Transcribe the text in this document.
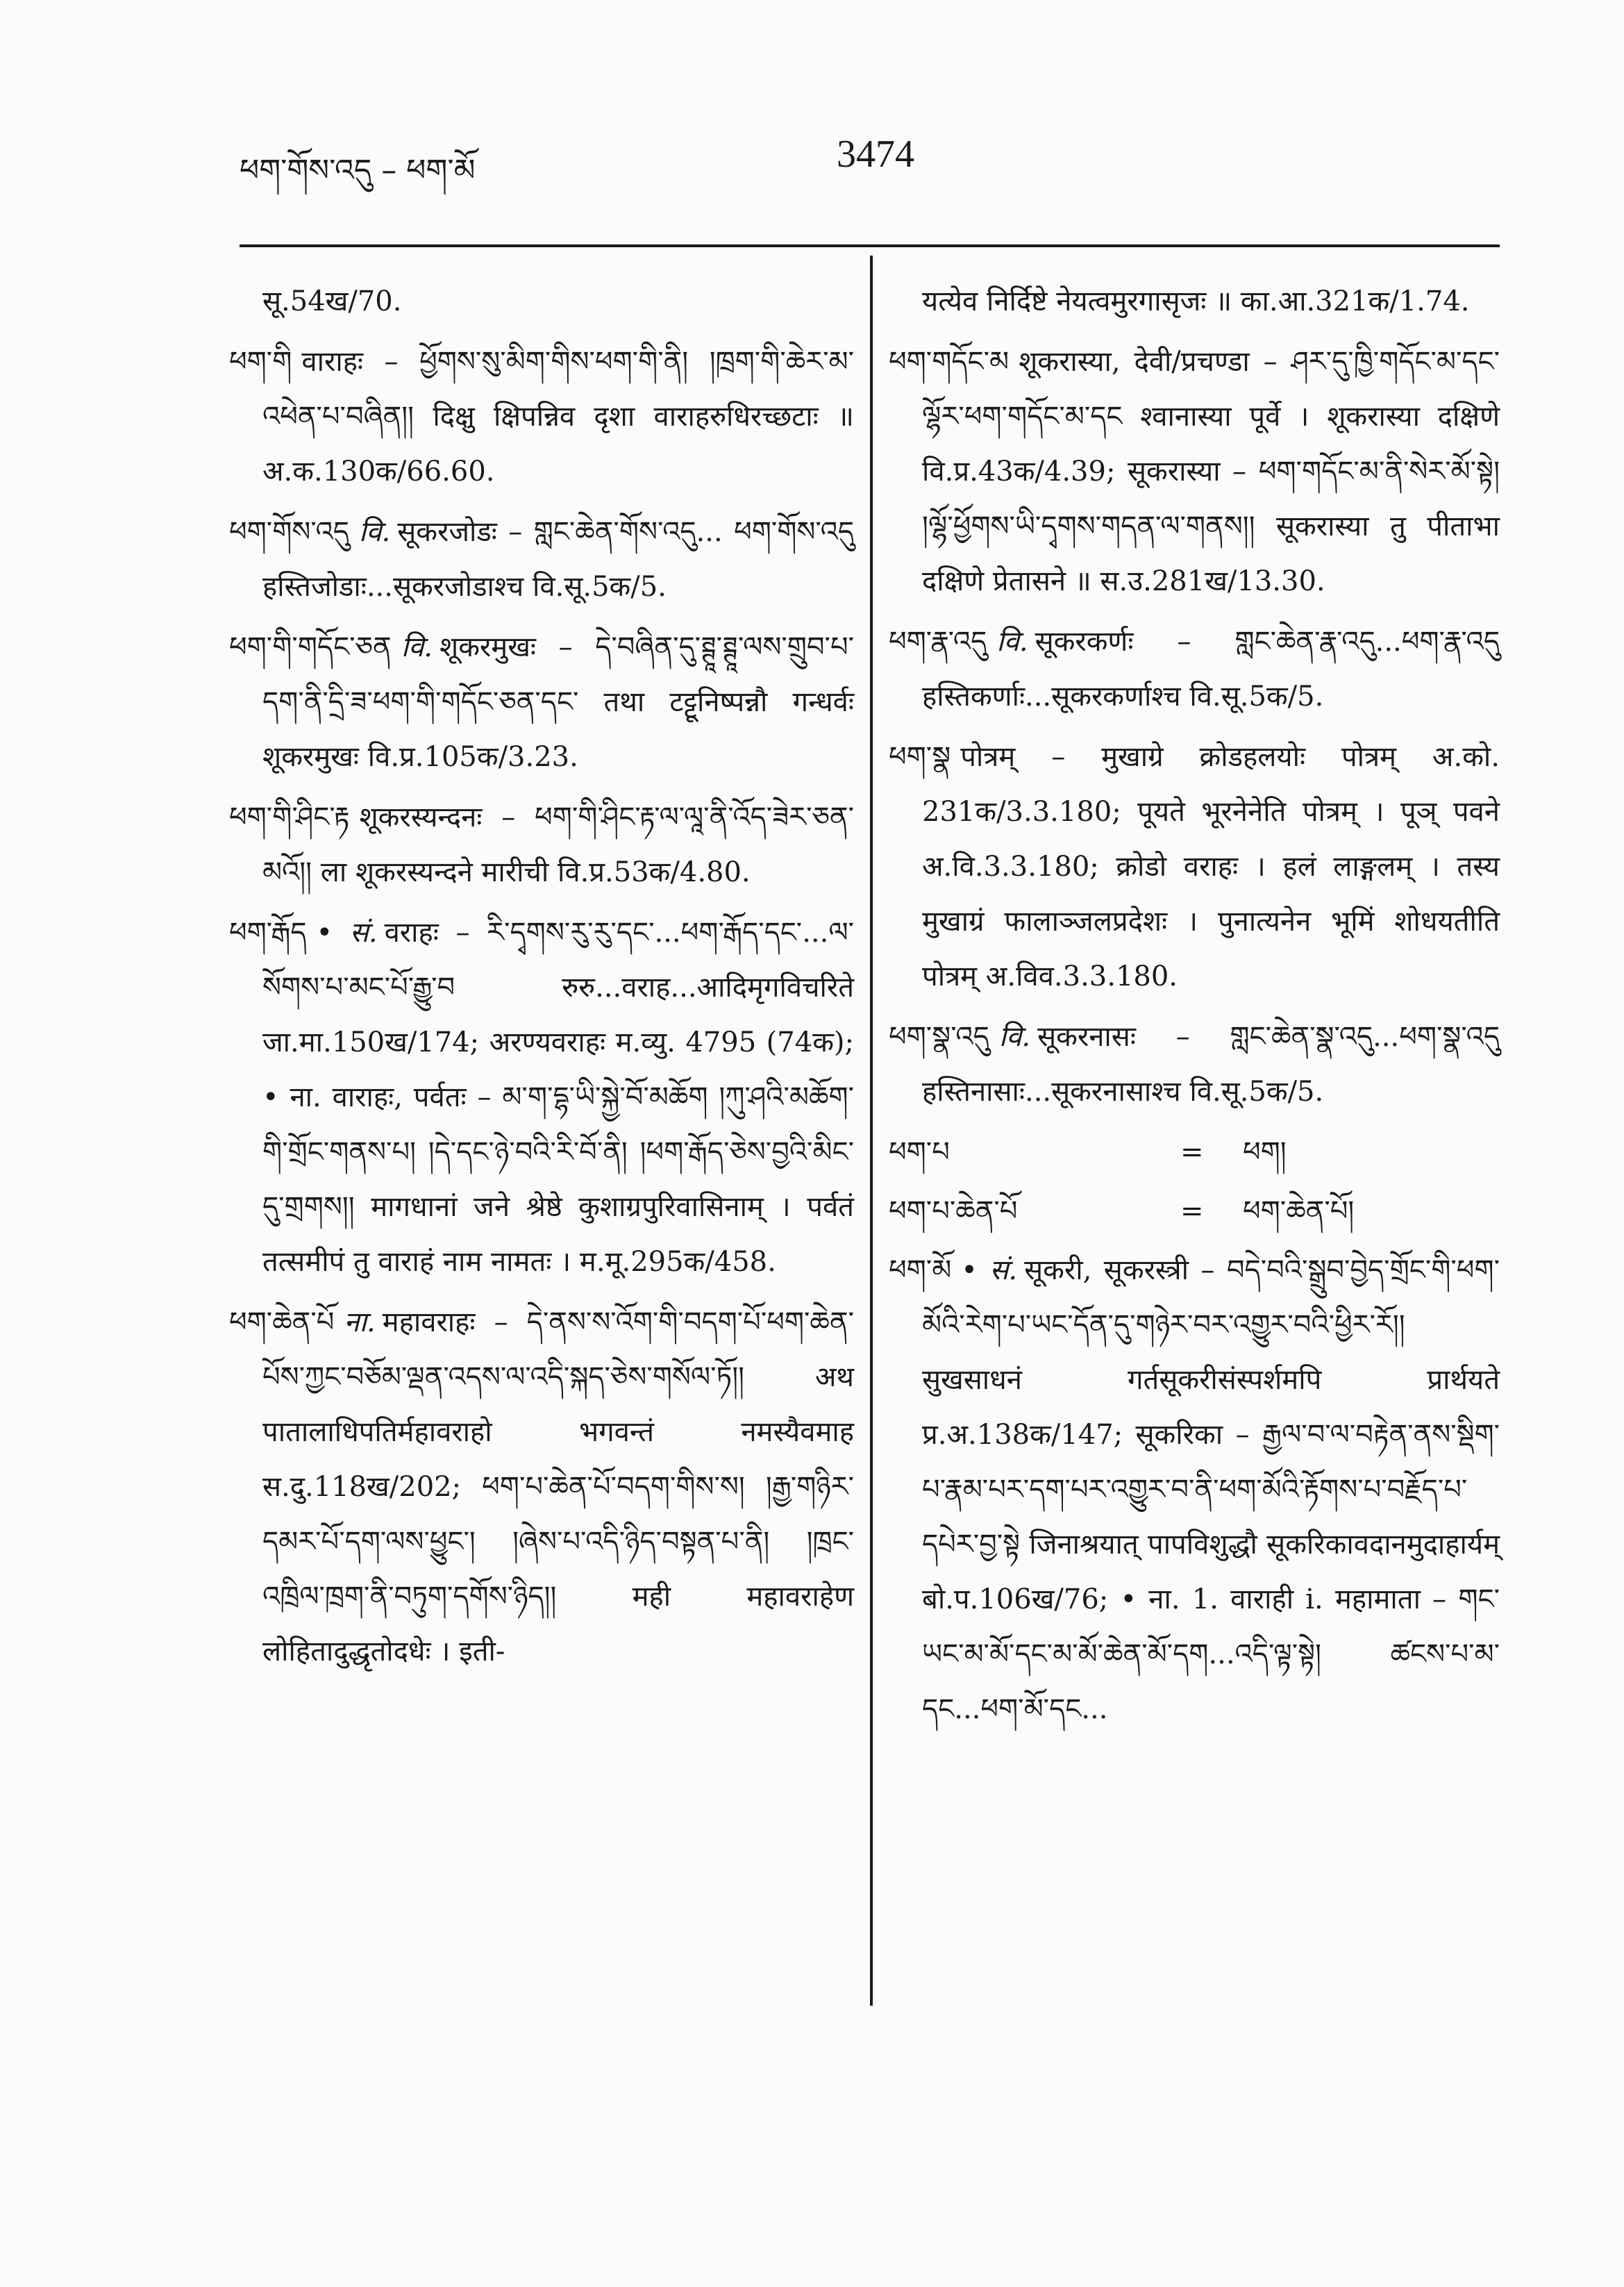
ཕག་གོས་འདུ – ཕག་མོ	3474

सू.54ख/70.

ཕག་གི वाराहः – ཕྱོགས་སུ་མིག་གིས་ཕག་གི་ནི། །ཁྲག་གི་ཆེར་མ་འཕེན་པ་བཞིན།། दिक्षु क्षिपन्निव दृशा वाराहरुधिरच्छटाः ॥ अ.क.130क/66.60.

ཕག་གོས་འདུ वि. सूकरजोडः – གླང་ཆེན་གོས་འདུ... ཕག་གོས་འདུ हस्तिजोडाः...सूकरजोडाश्च वि.सू.5क/5.

ཕག་གི་གདོང་ཅན वि. शूकरमुखः – དེ་བཞིན་དུ་ཊྚཱ་ཊྚཱ་ལས་གྲུབ་པ་དག་ནི་དྲི་ཟ་ཕག་གི་གདོང་ཅན་དང་ तथा टट्टूनिष्पन्नौ गन्धर्वः शूकरमुखः वि.प्र.105क/3.23.

ཕག་གི་ཤིང་རྟ शूकरस्यन्दनः – ཕག་གི་ཤིང་རྟ་ལ་ལཱ་ནི་འོད་ཟེར་ཅན་མའོ།། ला शूकरस्यन्दने मारीची वि.प्र.53क/4.80.

ཕག་རྒོད • सं. वराहः – རི་དྭགས་རུ་རུ་དང་...ཕག་རྒོད་དང་...ལ་སོགས་པ་མང་པོ་རྒྱུ་བ रुरु...वराह...आदिमृगविचरिते जा.मा.150ख/174; अरण्यवराहः म.व्यु. 4795 (74क); • ना. वाराहः, पर्वतः – མ་ག་དྷ་ཡི་སྐྱེ་བོ་མཆོག །ཀུ་ཤའི་མཆོག་གི་གྲོང་གནས་པ། །དེ་དང་ཉེ་བའི་རི་བོ་ནི། །ཕག་རྒོད་ཅེས་བྱའི་མིང་དུ་གྲགས།། मागधानां जने श्रेष्ठे कुशाग्रपुरिवासिनाम् । पर्वतं तत्समीपं तु वाराहं नाम नामतः । म.मू.295क/458.

ཕག་ཆེན་པོ ना. महावराहः – དེ་ནས་ས་འོག་གི་བདག་པོ་ཕག་ཆེན་པོས་ཀྱང་བཅོམ་ལྡན་འདས་ལ་འདི་སྐད་ཅེས་གསོལ་ཏོ།། अथ पातालाधिपतिर्महावराहो भगवन्तं नमस्यैवमाह स.दु.118ख/202; ཕག་པ་ཆེན་པོ་བདག་གིས་ས། །རྒྱ་གཉིར་དམར་པོ་དག་ལས་ཕྱུང་། །ཞེས་པ་འདི་ཉིད་བསྟན་པ་ནི། །ཁྲང་འཁྲིལ་ཁྲག་ནི་བཏུག་དགོས་ཉིད།། मही महावराहेण लोहितादुद्धृतोदधेः । इती-

यत्येव निर्दिष्टे नेयत्वमुरगासृजः ॥ का.आ.321क/1.74.

ཕག་གདོང་མ शूकरास्या, देवी/प्रचण्डा – ཤར་དུ་ཁྱི་གདོང་མ་དང་ལྷོར་ཕག་གདོང་མ་དང श्वानास्या पूर्वे । शूकरास्या दक्षिणे वि.प्र.43क/4.39; सूकरास्या – ཕག་གདོང་མ་ནི་སེར་མོ་སྟེ། །ལྷོ་ཕྱོགས་ཡི་དྭགས་གདན་ལ་གནས།། सूकरास्या तु पीताभा दक्षिणे प्रेतासने ॥ स.उ.281ख/13.30.

ཕག་རྣ་འདུ वि. सूकरकर्णः – གླང་ཆེན་རྣ་འདུ...ཕག་རྣ་འདུ हस्तिकर्णाः...सूकरकर्णाश्च वि.सू.5क/5.

ཕག་སྣ पोत्रम् – मुखाग्रे क्रोडहलयोः पोत्रम् अ.को. 231क/3.3.180; पूयते भूरनेनेति पोत्रम् । पूञ् पवने अ.वि.3.3.180; क्रोडो वराहः । हलं लाङ्गलम् । तस्य मुखाग्रं फालाञ्जलप्रदेशः । पुनात्यनेन भूमिं शोधयतीति पोत्रम् अ.विव.3.3.180.

ཕག་སྣ་འདུ वि. सूकरनासः – གླང་ཆེན་སྣ་འདུ...ཕག་སྣ་འདུ हस्तिनासाः...सूकरनासाश्च वि.सू.5क/5.

ཕག་པ	= ཕག།
ཕག་པ་ཆེན་པོ	= ཕག་ཆེན་པོ།

ཕག་མོ • सं. सूकरी, सूकरस्त्री – བདེ་བའི་སྒྲུབ་བྱེད་གྲོང་གི་ཕག་མོའི་རེག་པ་ཡང་དོན་དུ་གཉེར་བར་འགྱུར་བའི་ཕྱིར་རོ།། सुखसाधनं गर्तसूकरीसंस्पर्शमपि प्रार्थयते प्र.अ.138क/147; सूकरिका – རྒྱལ་བ་ལ་བརྟེན་ནས་སྡིག་པ་རྣམ་པར་དག་པར་འགྱུར་བ་ནི་ཕག་མོའི་རྟོགས་པ་བརྗོད་པ་དཔེར་བྱ་སྟེ जिनाश्रयात् पापविशुद्धौ सूकरिकावदानमुदाहार्यम् बो.प.106ख/76; • ना. 1. वाराही i. महामाता – གང་ཡང་མ་མོ་དང་མ་མོ་ཆེན་མོ་དག...འདི་ལྟ་སྟེ། ཚངས་པ་མ་དང...ཕག་མོ་དང...
